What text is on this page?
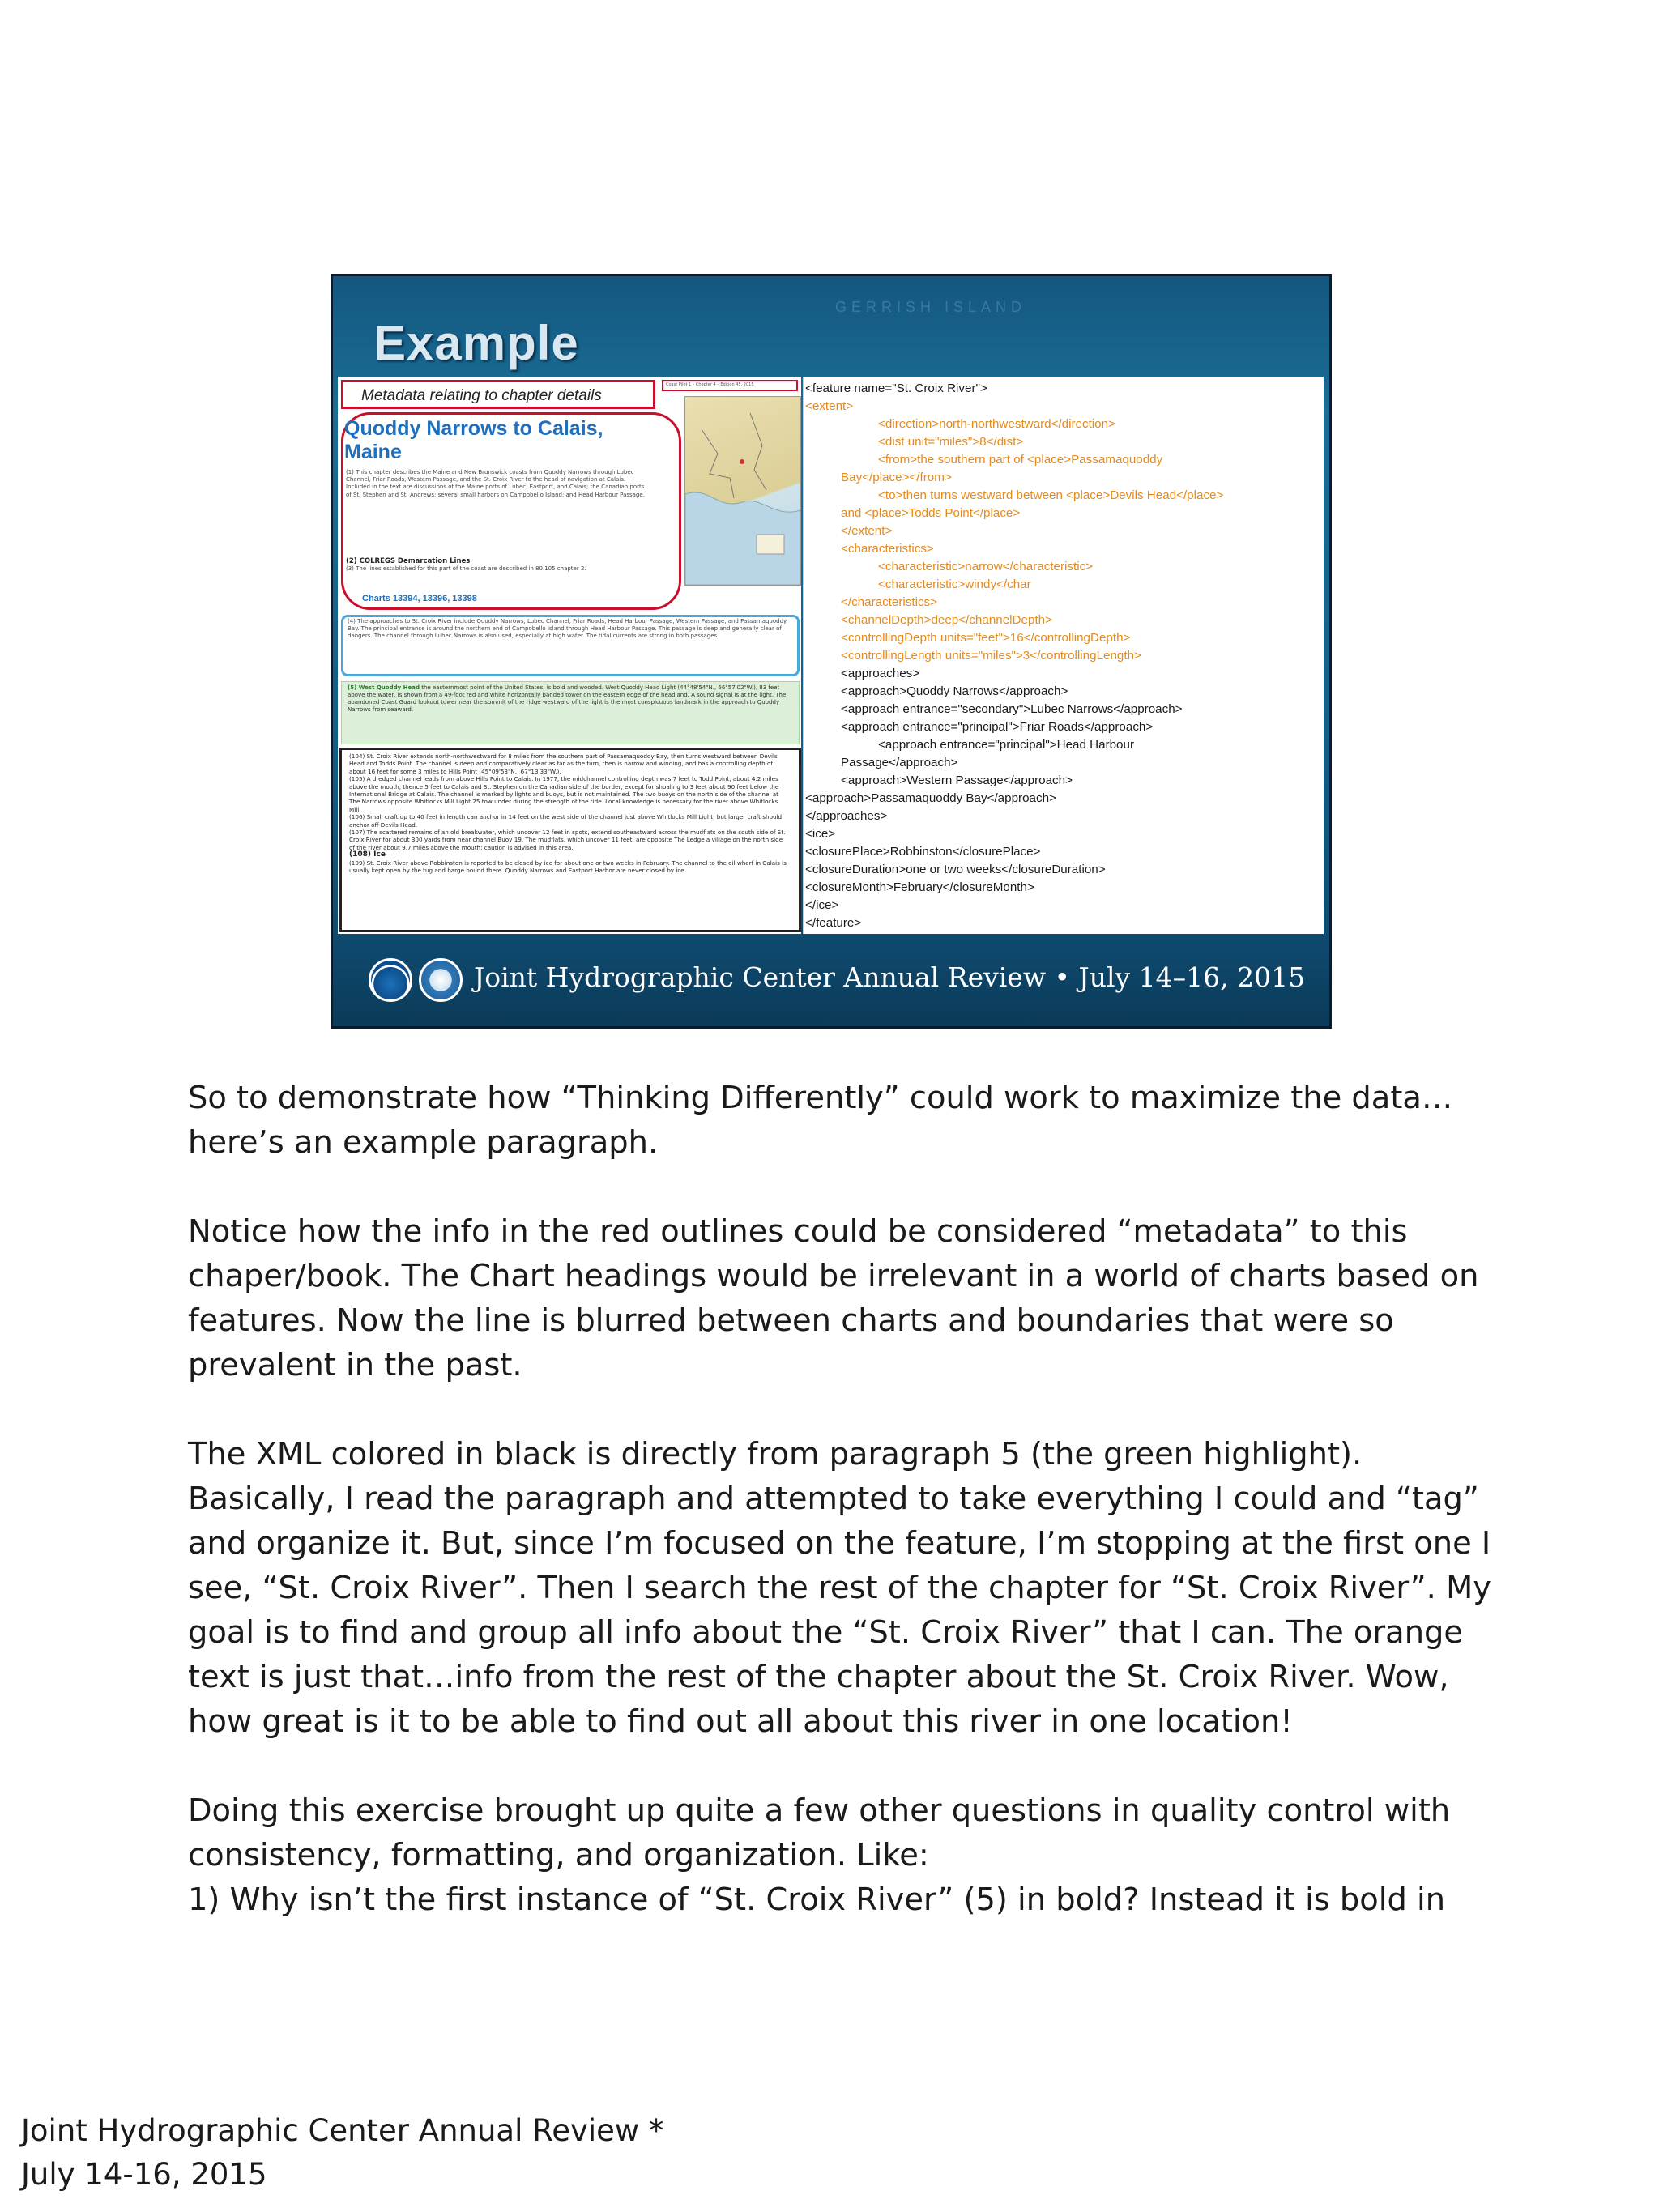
GERRISH ISLAND
Example
Metadata relating to chapter details
Coast Pilot 1 – Chapter 4 – Edition 45, 2015
Quoddy Narrows to Calais, Maine
(1) This chapter describes the Maine and New Brunswick coasts from Quoddy Narrows through Lubec Channel, Friar Roads, Western Passage, and the St. Croix River to the head of navigation at Calais. Included in the text are discussions of the Maine ports of Lubec, Eastport, and Calais; the Canadian ports of St. Stephen and St. Andrews; several small harbors on Campobello Island; and Head Harbour Passage.
(2) COLREGS Demarcation Lines
(3) The lines established for this part of the coast are described in 80.105 chapter 2.
Charts 13394, 13396, 13398
(4) The approaches to St. Croix River include Quoddy Narrows, Lubec Channel, Friar Roads, Head Harbour Passage, Western Passage, and Passamaquoddy Bay. The principal entrance is around the northern end of Campobello Island through Head Harbour Passage. This passage is deep and generally clear of dangers. The channel through Lubec Narrows is also used, especially at high water. The tidal currents are strong in both passages.
(5) West Quoddy Head the easternmost point of the United States, is bold and wooded. West Quoddy Head Light (44°48'54"N., 66°57'02"W.), 83 feet above the water, is shown from a 49-foot red and white horizontally banded tower on the eastern edge of the headland. A sound signal is at the light. The abandoned Coast Guard lookout tower near the summit of the ridge westward of the light is the most conspicuous landmark in the approach to Quoddy Narrows from seaward.
(104) St. Croix River extends north-northwestward for 8 miles from the southern part of Passamaquoddy Bay, then turns westward between Devils Head and Todds Point. The channel is deep and comparatively clear as far as the turn, then is narrow and winding, and has a controlling depth of about 16 feet for some 3 miles to Hills Point (45°09'53"N., 67°13'33"W.).
(105) A dredged channel leads from above Hills Point to Calais. In 1977, the midchannel controlling depth was 7 feet to Todd Point, about 4.2 miles above the mouth, thence 5 feet to Calais and St. Stephen on the Canadian side of the border, except for shoaling to 3 feet about 90 feet below the International Bridge at Calais. The channel is marked by lights and buoys, but is not maintained. The two buoys on the north side of the channel at The Narrows opposite Whitlocks Mill Light 25 tow under during the strength of the tide. Local knowledge is necessary for the river above Whitlocks Mill.
(106) Small craft up to 40 feet in length can anchor in 14 feet on the west side of the channel just above Whitlocks Mill Light, but larger craft should anchor off Devils Head.
(107) The scattered remains of an old breakwater, which uncover 12 feet in spots, extend southeastward across the mudflats on the south side of St. Croix River for about 300 yards from near channel Buoy 19. The mudflats, which uncover 11 feet, are opposite The Ledge a village on the north side of the river about 9.7 miles above the mouth; caution is advised in this area.
(108) Ice
(109) St. Croix River above Robbinston is reported to be closed by ice for about one or two weeks in February. The channel to the oil wharf in Calais is usually kept open by the tug and barge bound there. Quoddy Narrows and Eastport Harbor are never closed by ice.
<feature name="St. Croix River">
<extent>
<direction>north-northwestward</direction>
<dist unit="miles">8</dist>
<from>the southern part of <place>Passamaquoddy
Bay</place></from>
<to>then turns westward between <place>Devils Head</place>
and <place>Todds Point</place>
</extent>
<characteristics>
<characteristic>narrow</characteristic>
<characteristic>windy</char
</characteristics>
<channelDepth>deep</channelDepth>
<controllingDepth units="feet">16</controllingDepth>
<controllingLength units="miles">3</controllingLength>
<approaches>
<approach>Quoddy Narrows</approach>
<approach entrance="secondary">Lubec Narrows</approach>
<approach entrance="principal">Friar Roads</approach>
<approach entrance="principal">Head Harbour
Passage</approach>
<approach>Western Passage</approach>
<approach>Passamaquoddy Bay</approach>
</approaches>
<ice>
<closurePlace>Robbinston</closurePlace>
<closureDuration>one or two weeks</closureDuration>
<closureMonth>February</closureMonth>
</ice>
</feature>
Joint Hydrographic Center Annual Review • July 14–16, 2015

So to demonstrate how “Thinking Differently” could work to maximize the data…here’s an example paragraph.

Notice how the info in the red outlines could be considered “metadata” to this chaper/book. The Chart headings would be irrelevant in a world of charts based on features. Now the line is blurred between charts and boundaries that were so prevalent in the past.

The XML colored in black is directly from paragraph 5 (the green highlight). Basically, I read the paragraph and attempted to take everything I could and “tag” and organize it. But, since I’m focused on the feature, I’m stopping at the first one I see, “St. Croix River”. Then I search the rest of the chapter for “St. Croix River”. My goal is to find and group all info about the “St. Croix River” that I can. The orange text is just that…info from the rest of the chapter about the St. Croix River. Wow, how great is it to be able to find out all about this river in one location!

Doing this exercise brought up quite a few other questions in quality control with consistency, formatting, and organization. Like:

1) Why isn’t the first instance of “St. Croix River” (5) in bold? Instead it is bold in

Joint Hydrographic Center Annual Review *
July 14-16, 2015
